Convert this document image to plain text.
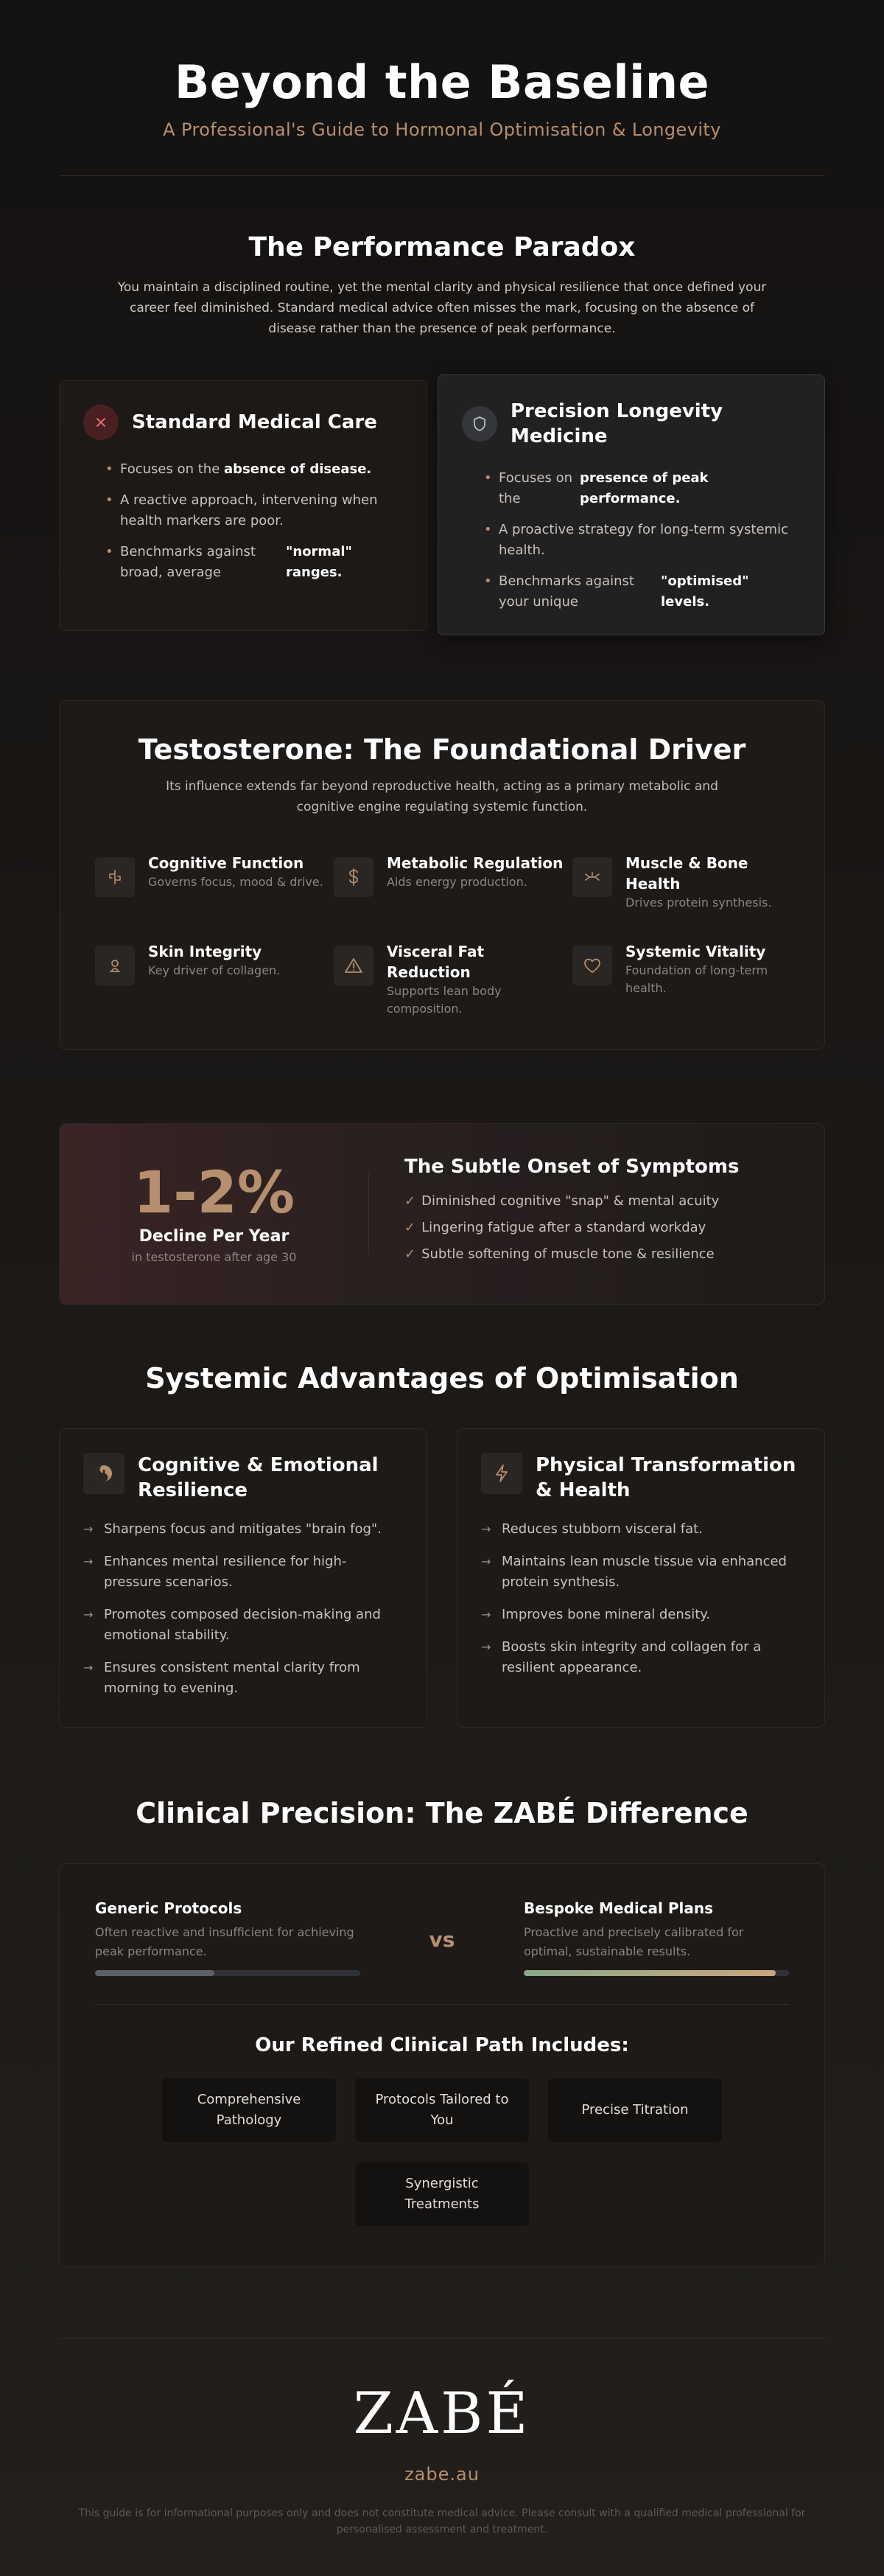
Beyond the Baseline

A Professional's Guide to Hormonal Optimisation & Longevity

The Performance Paradox

You maintain a disciplined routine, yet the mental clarity and physical resilience that once defined your career feel diminished. Standard medical advice often misses the mark, focusing on the absence of disease rather than the presence of peak performance.

Standard Medical Care
• Focuses on the absence of disease.
• A reactive approach, intervening when health markers are poor.
• Benchmarks against broad, average
"normal" ranges.
Precision Longevity Medicine
• Focuses on the
presence of peak performance.
• A proactive strategy for long-term systemic health.
• Benchmarks against your unique
"optimised" levels.
Testosterone: The Foundational Driver

Its influence extends far beyond reproductive health, acting as a primary metabolic and cognitive engine regulating systemic function.

Cognitive Function

Governs focus, mood & drive.

Metabolic Regulation

Aids energy production.

Muscle & Bone Health

Drives protein synthesis.

Skin Integrity

Key driver of collagen.

Visceral Fat Reduction

Supports lean body composition.

Systemic Vitality

Foundation of long-term health.

1-2%
Decline Per Year
in testosterone after age 30
The Subtle Onset of Symptoms
✓ Diminished cognitive "snap" & mental acuity
✓ Lingering fatigue after a standard workday
✓ Subtle softening of muscle tone & resilience
Systemic Advantages of Optimisation
Cognitive & Emotional Resilience
→ Sharpens focus and mitigates "brain fog".
→ Enhances mental resilience for high-pressure scenarios.
→ Promotes composed decision-making and emotional stability.
→ Ensures consistent mental clarity from morning to evening.
Physical Transformation & Health
→ Reduces stubborn visceral fat.
→ Maintains lean muscle tissue via enhanced protein synthesis.
→ Improves bone mineral density.
→ Boosts skin integrity and collagen for a resilient appearance.
Clinical Precision: The ZABÉ Difference
Generic Protocols

Often reactive and insufficient for achieving peak performance.	vs
Bespoke Medical Plans

Proactive and precisely calibrated for optimal, sustainable results.

Our Refined Clinical Path Includes:
Comprehensive Pathology
Protocols Tailored to You
Precise Titration
Synergistic Treatments
ZABÉ
zabe.au

This guide is for informational purposes only and does not constitute medical advice. Please consult with a qualified medical professional for personalised assessment and treatment.
